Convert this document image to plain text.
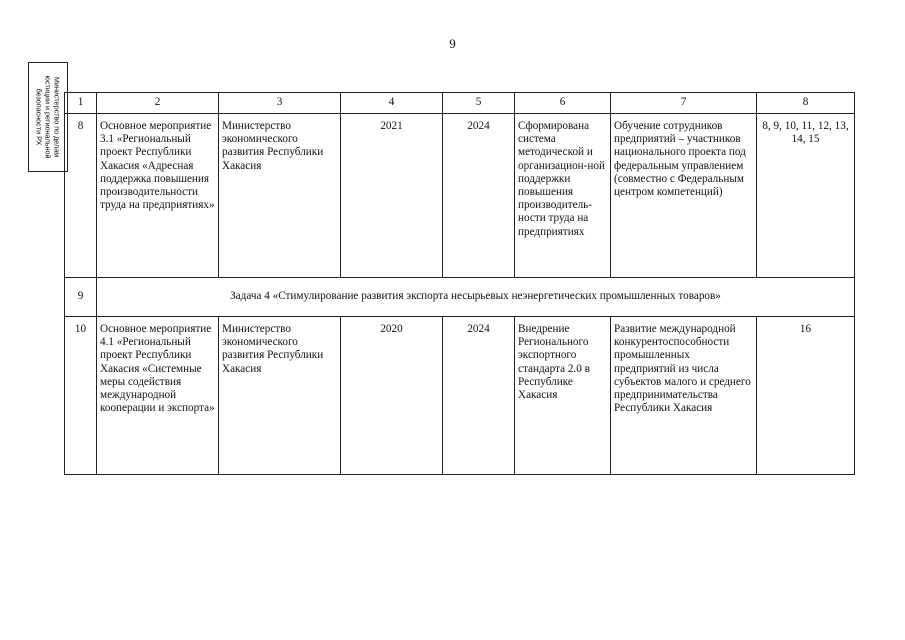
9
Министерство по делам
юстиции и региональной
безопасности РХ	1	2	3	4	5	6	7	8
8	Основное мероприятие 3.1 «Региональный проект Республики Хакасия «Адресная поддержка повышения производительности труда на предприятиях»	Министерство экономического развития Республики Хакасия	2021	2024	Сформирована система методической и организацион-ной поддержки повышения производитель-ности труда на предприятиях	Обучение сотрудников предприятий – участников национального проекта под федеральным управлением (совместно с Федеральным центром компетенций)	8, 9, 10, 11, 12, 13, 14, 15
9	Задача 4 «Стимулирование развития экспорта несырьевых неэнергетических промышленных товаров»						
10	Основное мероприятие 4.1 «Региональный проект Республики Хакасия «Системные меры содействия международной кооперации и экспорта»	Министерство экономического развития Республики Хакасия	2020	2024	Внедрение Регионального экспортного стандарта 2.0 в Республике Хакасия	Развитие международной конкурентоспособности промышленных предприятий из числа субъектов малого и среднего предпринимательства Республики Хакасия	16
